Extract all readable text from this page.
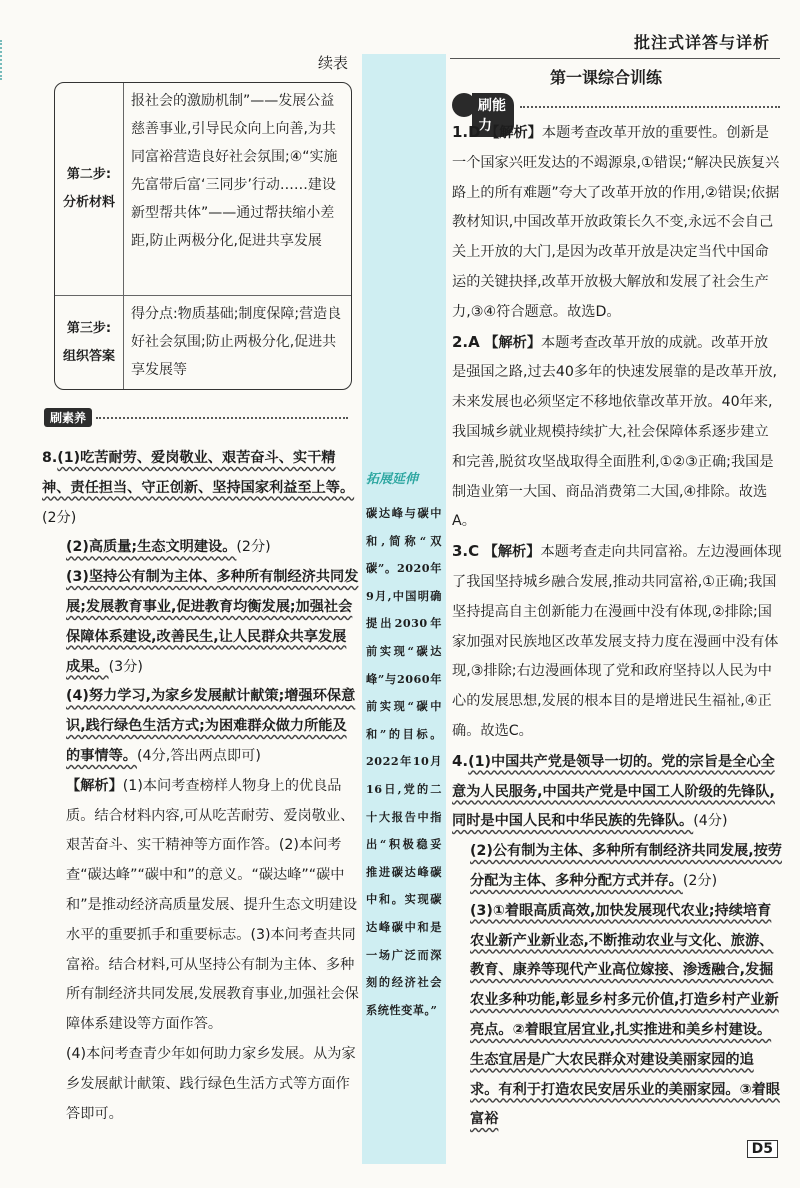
批注式详答与详析
续表
第一课综合训练
第二步:
分析材料
报社会的激励机制”——发展公益慈善事业,引导民众向上向善,为共同富裕营造良好社会氛围;④“实施先富带后富‘三同步’行动……建设新型帮共体”——通过帮扶缩小差距,防止两极分化,促进共享发展
第三步:
组织答案
得分点:物质基础;制度保障;营造良好社会氛围;防止两极分化,促进共享发展等
刷素养

8.(1)吃苦耐劳、爱岗敬业、艰苦奋斗、实干精神、责任担当、守正创新、坚持国家利益至上等。(2分)

(2)高质量;生态文明建设。(2分)

(3)坚持公有制为主体、多种所有制经济共同发展;发展教育事业,促进教育均衡发展;加强社会保障体系建设,改善民生,让人民群众共享发展成果。(3分)

(4)努力学习,为家乡发展献计献策;增强环保意识,践行绿色生活方式;为困难群众做力所能及的事情等。(4分,答出两点即可)

【解析】(1)本问考查榜样人物身上的优良品质。结合材料内容,可从吃苦耐劳、爱岗敬业、艰苦奋斗、实干精神等方面作答。(2)本问考查“碳达峰”“碳中和”的意义。“碳达峰”“碳中和”是推动经济高质量发展、提升生态文明建设水平的重要抓手和重要标志。(3)本问考查共同富裕。结合材料,可从坚持公有制为主体、多种所有制经济共同发展,发展教育事业,加强社会保障体系建设等方面作答。

(4)本问考查青少年如何助力家乡发展。从为家乡发展献计献策、践行绿色生活方式等方面作答即可。

拓展延伸
碳达峰与碳中和,简称“双碳”。2020年9月,中国明确提出2030年前实现“碳达峰”与2060年前实现“碳中和”的目标。2022年10月16日,党的二十大报告中指出“积极稳妥推进碳达峰碳中和。实现碳达峰碳中和是一场广泛而深刻的经济社会系统性变革。”
刷能力

1.D 【解析】本题考查改革开放的重要性。创新是一个国家兴旺发达的不竭源泉,①错误;“解决民族复兴路上的所有难题”夸大了改革开放的作用,②错误;依据教材知识,中国改革开放政策长久不变,永远不会自己关上开放的大门,是因为改革开放是决定当代中国命运的关键抉择,改革开放极大解放和发展了社会生产力,③④符合题意。故选D。

2.A 【解析】本题考查改革开放的成就。改革开放是强国之路,过去40多年的快速发展靠的是改革开放,未来发展也必须坚定不移地依靠改革开放。40年来,我国城乡就业规模持续扩大,社会保障体系逐步建立和完善,脱贫攻坚战取得全面胜利,①②③正确;我国是制造业第一大国、商品消费第二大国,④排除。故选A。

3.C 【解析】本题考查走向共同富裕。左边漫画体现了我国坚持城乡融合发展,推动共同富裕,①正确;我国坚持提高自主创新能力在漫画中没有体现,②排除;国家加强对民族地区改革发展支持力度在漫画中没有体现,③排除;右边漫画体现了党和政府坚持以人民为中心的发展思想,发展的根本目的是增进民生福祉,④正确。故选C。

4.(1)中国共产党是领导一切的。党的宗旨是全心全意为人民服务,中国共产党是中国工人阶级的先锋队,同时是中国人民和中华民族的先锋队。(4分)

(2)公有制为主体、多种所有制经济共同发展,按劳分配为主体、多种分配方式并存。(2分)

(3)①着眼高质高效,加快发展现代农业;持续培育农业新产业新业态,不断推动农业与文化、旅游、教育、康养等现代产业高位嫁接、渗透融合,发掘农业多种功能,彰显乡村多元价值,打造乡村产业新亮点。②着眼宜居宜业,扎实推进和美乡村建设。生态宜居是广大农民群众对建设美丽家园的追求。有利于打造农民安居乐业的美丽家园。③着眼富裕

D5
